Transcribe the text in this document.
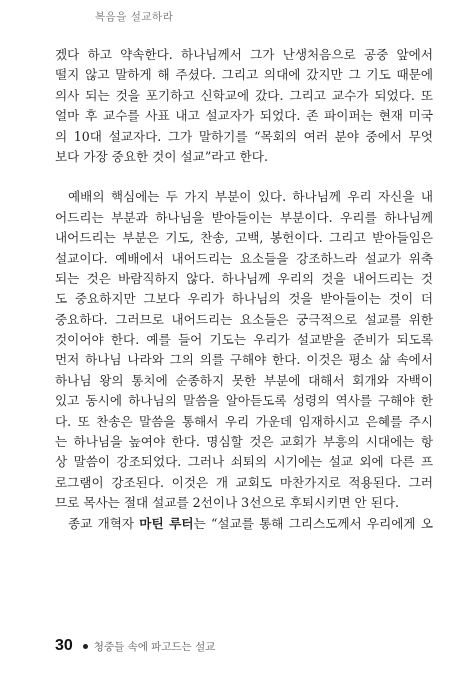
복음을 설교하라
겠다 하고 약속한다. 하나님께서 그가 난생처음으로 공중 앞에서
떨지 않고 말하게 해 주셨다. 그리고 의대에 갔지만 그 기도 때문에
의사 되는 것을 포기하고 신학교에 갔다. 그리고 교수가 되었다. 또
얼마 후 교수를 사표 내고 설교자가 되었다. 존 파이퍼는 현재 미국
의 10대 설교자다. 그가 말하기를 “목회의 여러 분야 중에서 무엇
보다 가장 중요한 것이 설교”라고 한다.
예배의 핵심에는 두 가지 부분이 있다. 하나님께 우리 자신을 내
어드리는 부분과 하나님을 받아들이는 부분이다. 우리를 하나님께
내어드리는 부분은 기도, 찬송, 고백, 봉헌이다. 그리고 받아들임은
설교이다. 예배에서 내어드리는 요소들을 강조하느라 설교가 위축
되는 것은 바람직하지 않다. 하나님께 우리의 것을 내어드리는 것
도 중요하지만 그보다 우리가 하나님의 것을 받아들이는 것이 더
중요하다. 그러므로 내어드리는 요소들은 궁극적으로 설교를 위한
것이어야 한다. 예를 들어 기도는 우리가 설교받을 준비가 되도록
먼저 하나님 나라와 그의 의를 구해야 한다. 이것은 평소 삶 속에서
하나님 왕의 통치에 순종하지 못한 부분에 대해서 회개와 자백이
있고 동시에 하나님의 말씀을 알아듣도록 성령의 역사를 구해야 한
다. 또 찬송은 말씀을 통해서 우리 가운데 임재하시고 은혜를 주시
는 하나님을 높여야 한다. 명심할 것은 교회가 부흥의 시대에는 항
상 말씀이 강조되었다. 그러나 쇠퇴의 시기에는 설교 외에 다른 프
로그램이 강조된다. 이것은 개 교회도 마찬가지로 적용된다. 그러
므로 목사는 절대 설교를 2선이나 3선으로 후퇴시키면 안 된다.
종교 개혁자 마틴 루터는 “설교를 통해 그리스도께서 우리에게 오
30 청중들 속에 파고드는 설교
